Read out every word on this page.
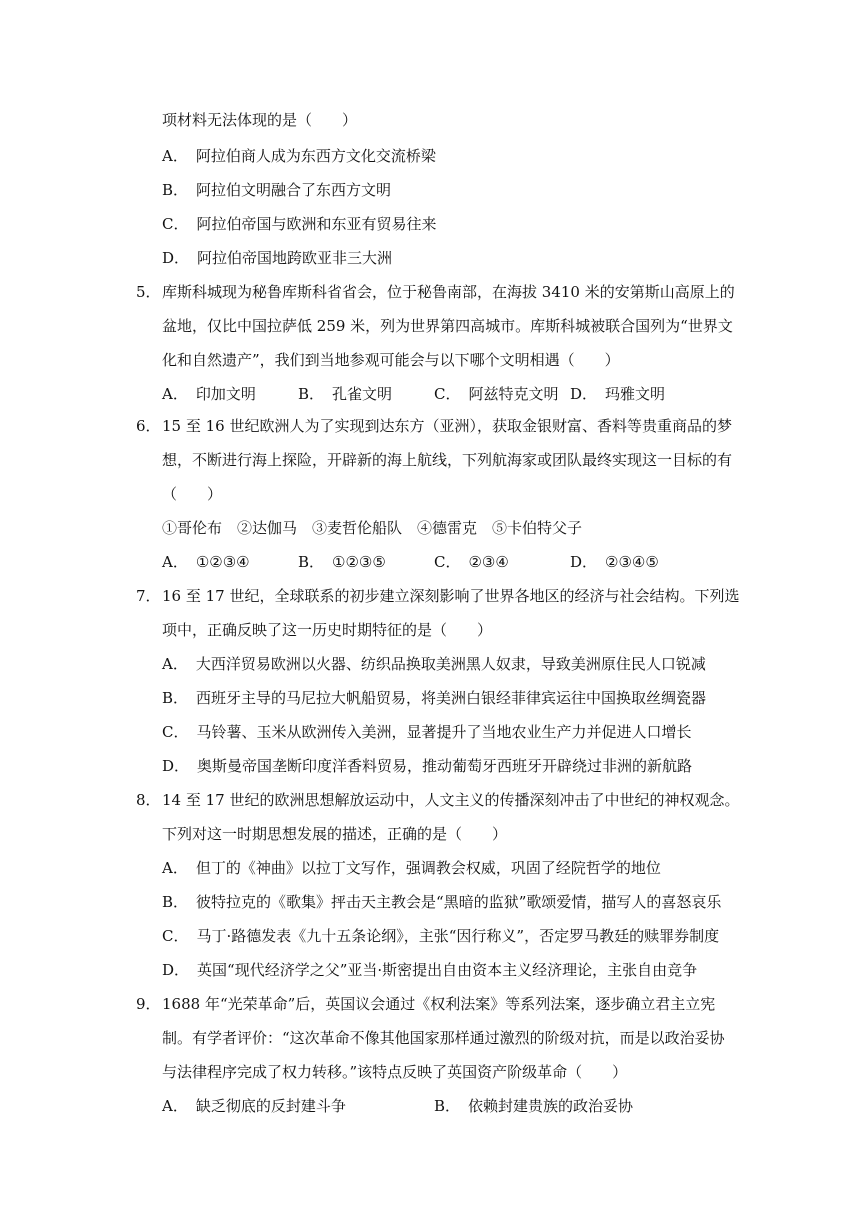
项材料无法体现的是（　　）
A． 阿拉伯商人成为东西方文化交流桥梁
B． 阿拉伯文明融合了东西方文明
C． 阿拉伯帝国与欧洲和东亚有贸易往来
D． 阿拉伯帝国地跨欧亚非三大洲
5． 库斯科城现为秘鲁库斯科省省会，位于秘鲁南部，在海拔 3410 米的安第斯山高原上的
盆地，仅比中国拉萨低 259 米，列为世界第四高城市。库斯科城被联合国列为“世界文
化和自然遗产”，我们到当地参观可能会与以下哪个文明相遇（　　）
A． 印加文明	B． 孔雀文明	C． 阿兹特克文明 D． 玛雅文明
6． 15 至 16 世纪欧洲人为了实现到达东方（亚洲），获取金银财富、香料等贵重商品的梦
想，不断进行海上探险，开辟新的海上航线，下列航海家或团队最终实现这一目标的有
（　　）
①哥伦布　②达伽马　③麦哲伦船队　④德雷克　⑤卡伯特父子
A． ①②③④	B． ①②③⑤	C． ②③④	D． ②③④⑤
7． 16 至 17 世纪，全球联系的初步建立深刻影响了世界各地区的经济与社会结构。下列选
项中，正确反映了这一历史时期特征的是（　　）
A． 大西洋贸易欧洲以火器、纺织品换取美洲黑人奴隶，导致美洲原住民人口锐减
B． 西班牙主导的马尼拉大帆船贸易，将美洲白银经菲律宾运往中国换取丝绸瓷器
C． 马铃薯、玉米从欧洲传入美洲，显著提升了当地农业生产力并促进人口增长
D． 奥斯曼帝国垄断印度洋香料贸易，推动葡萄牙西班牙开辟绕过非洲的新航路
8． 14 至 17 世纪的欧洲思想解放运动中，人文主义的传播深刻冲击了中世纪的神权观念。
下列对这一时期思想发展的描述，正确的是（　　）
A． 但丁的《神曲》以拉丁文写作，强调教会权威，巩固了经院哲学的地位
B． 彼特拉克的《歌集》抨击天主教会是“黑暗的监狱”歌颂爱情，描写人的喜怒哀乐
C． 马丁·路德发表《九十五条论纲》，主张“因行称义”，否定罗马教廷的赎罪券制度
D． 英国“现代经济学之父”亚当·斯密提出自由资本主义经济理论，主张自由竞争
9． 1688 年“光荣革命”后，英国议会通过《权利法案》等系列法案，逐步确立君主立宪
制。有学者评价：“这次革命不像其他国家那样通过激烈的阶级对抗，而是以政治妥协
与法律程序完成了权力转移。”该特点反映了英国资产阶级革命（　　）
A． 缺乏彻底的反封建斗争	B． 依赖封建贵族的政治妥协
